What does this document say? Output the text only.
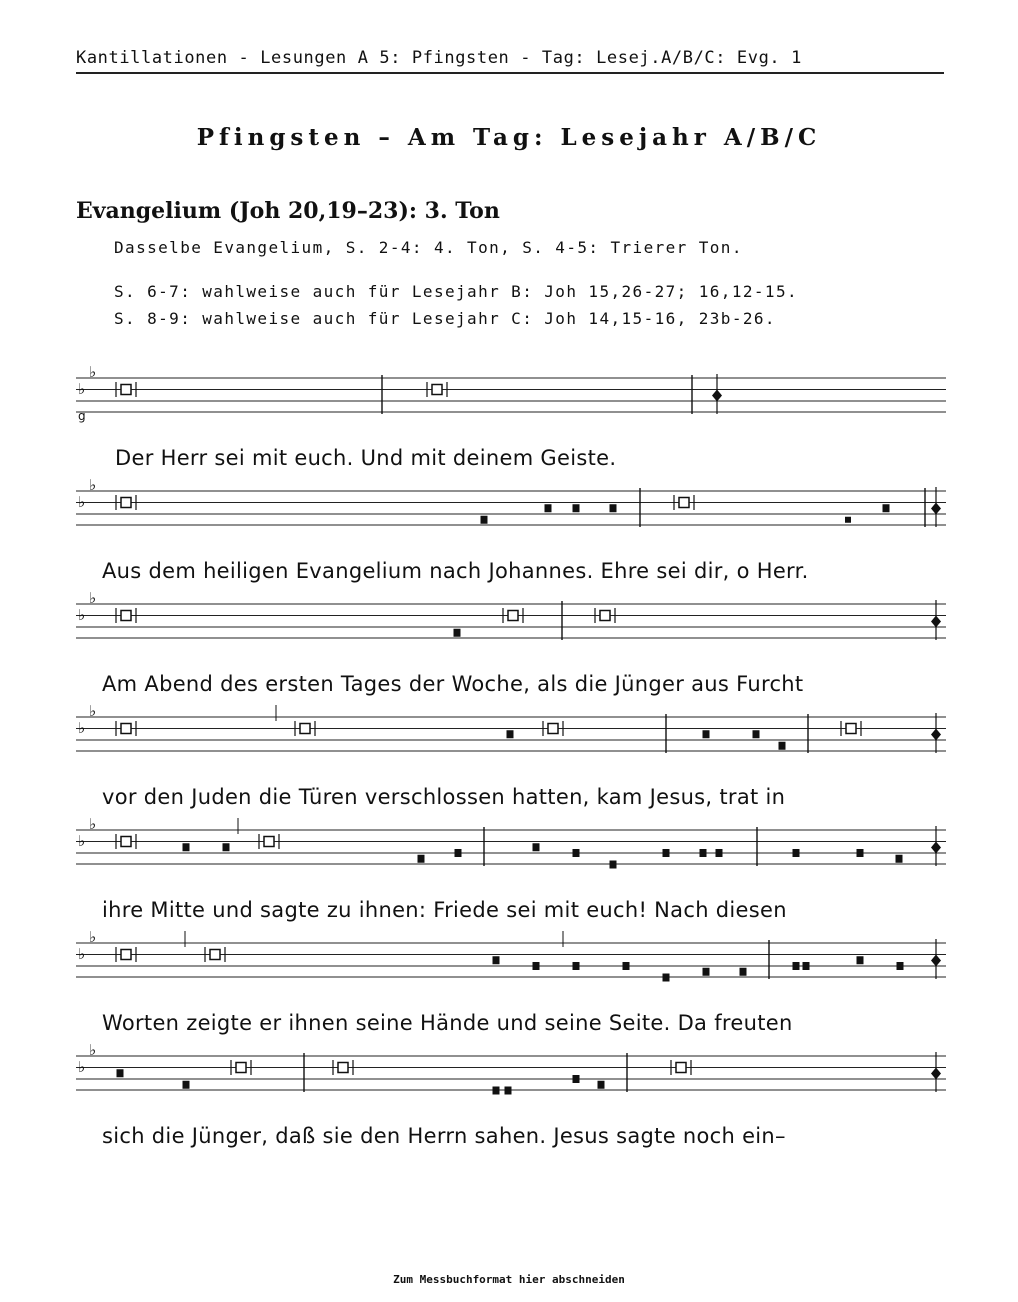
Kantillationen - Lesungen A 5: Pfingsten - Tag: Lesej.A/B/C: Evg. 1
Pfingsten – Am Tag: Lesejahr A/B/C
Evangelium (Joh 20,19–23): 3. Ton
Dasselbe Evangelium, S. 2-4: 4. Ton, S. 4-5: Trierer Ton.
S. 6-7: wahlweise auch für Lesejahr B: Joh 15,26-27; 16,12-15.
S. 8-9: wahlweise auch für Lesejahr C: Joh 14,15-16, 23b-26.
♭
♭
g
Der Herr sei mit euch. Und mit deinem Geiste.
♭
♭
Aus dem heiligen Evangelium nach Johannes. Ehre sei dir, o Herr.
♭
♭
Am Abend des ersten Tages der Woche, als die Jünger aus Furcht
♭
♭
vor den Juden die Türen verschlossen hatten, kam Jesus, trat in
♭
♭
ihre Mitte und sagte zu ihnen: Friede sei mit euch! Nach diesen
♭
♭
Worten zeigte er ihnen seine Hände und seine Seite. Da freuten
♭
♭
sich die Jünger, daß sie den Herrn sahen. Jesus sagte noch ein–
Zum Messbuchformat hier abschneiden
